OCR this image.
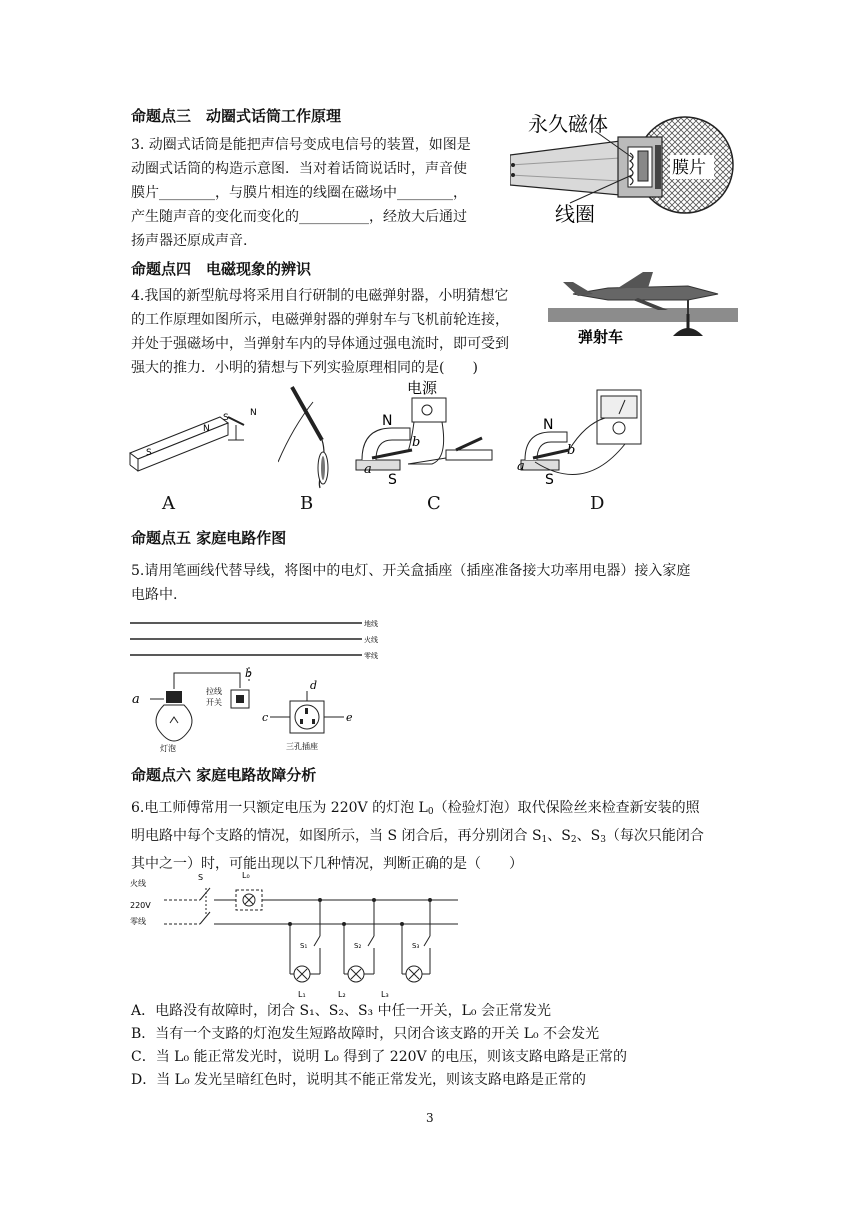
命题点三　动圈式话筒工作原理
3. 动圈式话筒是能把声信号变成电信号的装置，如图是
动圈式话筒的构造示意图．当对着话筒说话时，声音使
膜片________，与膜片相连的线圈在磁场中________，
产生随声音的变化而变化的__________，经放大后通过
扬声器还原成声音.
永久磁体
线圈
膜片
命题点四　电磁现象的辨识
4.我国的新型航母将采用自行研制的电磁弹射器，小明猜想它
的工作原理如图所示，电磁弹射器的弹射车与飞机前轮连接，
并处于强磁场中，当弹射车内的导体通过强电流时，即可受到
强大的推力．小明的猜想与下列实验原理相同的是(　　)
弹射车
S
N
S N
A	B
电源
N
S
a
b
C
N
S
a
b
D
命题点五 家庭电路作图
5.请用笔画线代替导线，将图中的电灯、开关盒插座（插座准备接大功率用电器）接入家庭
电路中.
地线
火线
零线
a
灯泡
b
拉线
开关
d
c	e
三孔插座
命题点六 家庭电路故障分析
6.电工师傅常用一只额定电压为 220V 的灯泡 $L_0$（检验灯泡）取代保险丝来检查新安装的照
明电路中每个支路的情况，如图所示，当 S 闭合后，再分别闭合 $S_1$、$S_2$、$S_3$（每次只能闭合
其中之一）时，可能出现以下几种情况，判断正确的是（　　）
火线
220V
零线
S	L₀
S₁
L₁
S₂
L₂
S₃
L₃
A．电路没有故障时，闭合 S₁、S₂、S₃ 中任一开关，L₀ 会正常发光
B．当有一个支路的灯泡发生短路故障时，只闭合该支路的开关 L₀ 不会发光
C．当 L₀ 能正常发光时，说明 L₀ 得到了 220V 的电压，则该支路电路是正常的
D．当 L₀ 发光呈暗红色时，说明其不能正常发光，则该支路电路是正常的
3
